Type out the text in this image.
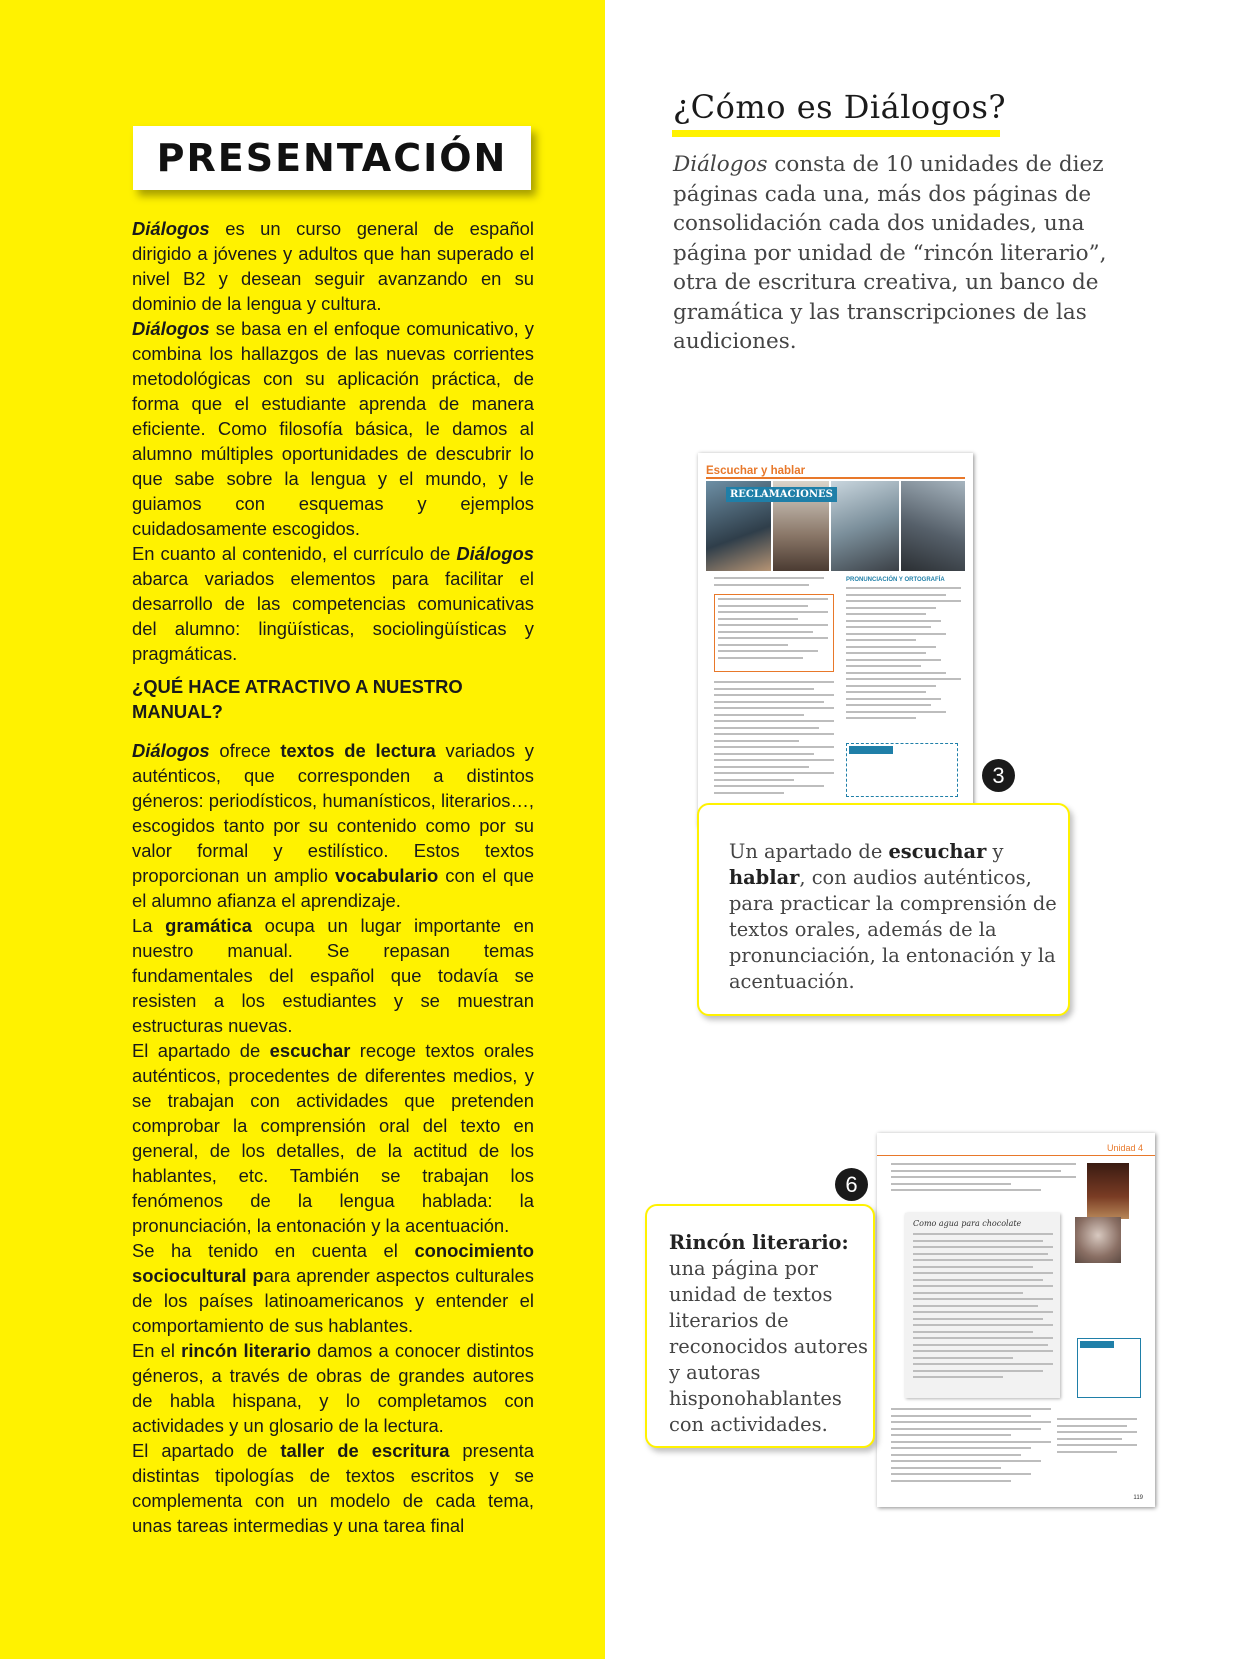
PRESENTACIÓN

Diálogos es un curso general de español dirigido a jóvenes y adultos que han superado el nivel B2 y desean seguir avanzando en su dominio de la lengua y cultura.

Diálogos se basa en el enfoque comunicativo, y combina los hallazgos de las nuevas corrientes metodológicas con su aplicación práctica, de forma que el estudiante aprenda de manera eficiente. Como filosofía básica, le damos al alumno múltiples oportunidades de descubrir lo que sabe sobre la lengua y el mundo, y le guiamos con esquemas y ejemplos cuidadosamente escogidos.

En cuanto al contenido, el currículo de Diálogos abarca variados elementos para facilitar el desarrollo de las competencias comunicativas del alumno: lingüísticas, sociolingüísticas y pragmáticas.

¿QUÉ HACE ATRACTIVO A NUESTRO MANUAL?

Diálogos ofrece textos de lectura variados y auténticos, que corresponden a distintos géneros: periodísticos, humanísticos, literarios…, escogidos tanto por su contenido como por su valor formal y estilístico. Estos textos proporcionan un amplio vocabulario con el que el alumno afianza el aprendizaje.

La gramática ocupa un lugar importante en nuestro manual. Se repasan temas fundamentales del español que todavía se resisten a los estudiantes y se muestran estructuras nuevas.

El apartado de escuchar recoge textos orales auténticos, procedentes de diferentes medios, y se trabajan con actividades que pretenden comprobar la comprensión oral del texto en general, de los detalles, de la actitud de los hablantes, etc. También se trabajan los fenómenos de la lengua hablada: la pronunciación, la entonación y la acentuación.

Se ha tenido en cuenta el conocimiento sociocultural para aprender aspectos culturales de los países latinoamericanos y entender el comportamiento de sus hablantes.

En el rincón literario damos a conocer distintos géneros, a través de obras de grandes autores de habla hispana, y lo completamos con actividades y un glosario de la lectura.

El apartado de taller de escritura presenta distintas tipologías de textos escritos y se complementa con un modelo de cada tema, unas tareas intermedias y una tarea final

¿Cómo es Diálogos?
Diálogos consta de 10 unidades de diez páginas cada una, más dos páginas de consolidación cada dos unidades, una página por unidad de “rincón literario”, otra de escritura creativa, un banco de gramática y las transcripciones de las audiciones.
Escuchar y hablar
RECLAMACIONES
PRONUNCIACIÓN Y ORTOGRAFÍA
3
Un apartado de escuchar y hablar, con audios auténticos, para practicar la comprensión de textos orales, además de la pronunciación, la entonación y la acentuación.
Unidad 4
Como agua para chocolate
119
6
Rincón literario:
una página por unidad de textos literarios de reconocidos autores y autoras hisponohablantes con actividades.
